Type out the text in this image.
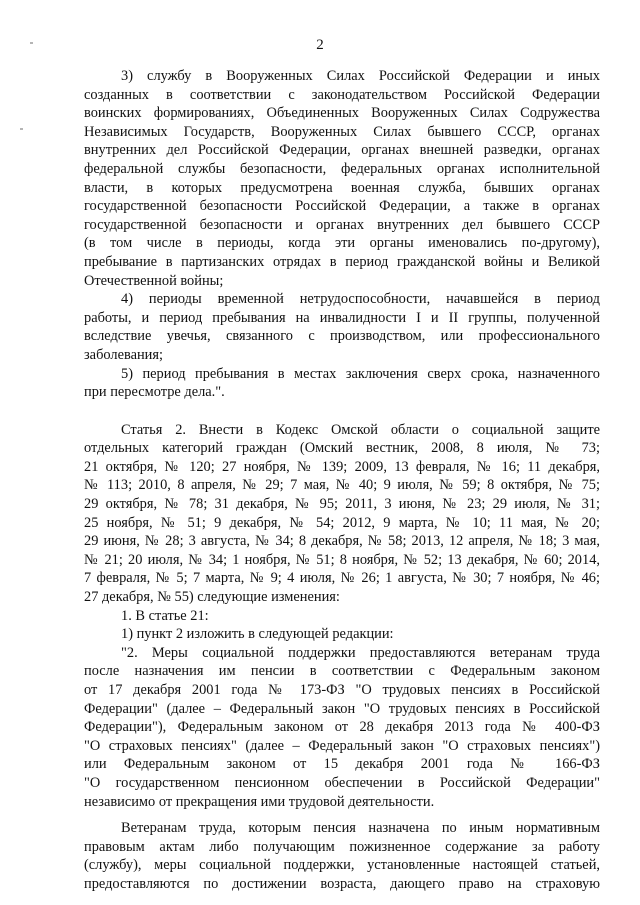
2
3) службу в Вооруженных Силах Российской Федерации и иных
созданных в соответствии с законодательством Российской Федерации
воинских формированиях, Объединенных Вооруженных Силах Содружества
Независимых Государств, Вооруженных Силах бывшего СССР, органах
внутренних дел Российской Федерации, органах внешней разведки, органах
федеральной службы безопасности, федеральных органах исполнительной
власти, в которых предусмотрена военная служба, бывших органах
государственной безопасности Российской Федерации, а также в органах
государственной безопасности и органах внутренних дел бывшего СССР
(в том числе в периоды, когда эти органы именовались по-другому),
пребывание в партизанских отрядах в период гражданской войны и Великой
Отечественной войны;
4) периоды временной нетрудоспособности, начавшейся в период
работы, и период пребывания на инвалидности I и II группы, полученной
вследствие увечья, связанного с производством, или профессионального
заболевания;
5) период пребывания в местах заключения сверх срока, назначенного
при пересмотре дела.".
Статья 2. Внести в Кодекс Омской области о социальной защите
отдельных категорий граждан (Омский вестник, 2008, 8 июля, № 73;
21 октября, № 120; 27 ноября, № 139; 2009, 13 февраля, № 16; 11 декабря,
№ 113; 2010, 8 апреля, № 29; 7 мая, № 40; 9 июля, № 59; 8 октября, № 75;
29 октября, № 78; 31 декабря, № 95; 2011, 3 июня, № 23; 29 июля, № 31;
25 ноября, № 51; 9 декабря, № 54; 2012, 9 марта, № 10; 11 мая, № 20;
29 июня, № 28; 3 августа, № 34; 8 декабря, № 58; 2013, 12 апреля, № 18; 3 мая,
№ 21; 20 июля, № 34; 1 ноября, № 51; 8 ноября, № 52; 13 декабря, № 60; 2014,
7 февраля, № 5; 7 марта, № 9; 4 июля, № 26; 1 августа, № 30; 7 ноября, № 46;
27 декабря, № 55) следующие изменения:
1. В статье 21:
1) пункт 2 изложить в следующей редакции:
"2. Меры социальной поддержки предоставляются ветеранам труда
после назначения им пенсии в соответствии с Федеральным законом
от 17 декабря 2001 года № 173-ФЗ "О трудовых пенсиях в Российской
Федерации" (далее – Федеральный закон "О трудовых пенсиях в Российской
Федерации"), Федеральным законом от 28 декабря 2013 года № 400-ФЗ
"О страховых пенсиях" (далее – Федеральный закон "О страховых пенсиях")
или Федеральным законом от 15 декабря 2001 года № 166-ФЗ
"О государственном пенсионном обеспечении в Российской Федерации"
независимо от прекращения ими трудовой деятельности.
Ветеранам труда, которым пенсия назначена по иным нормативным
правовым актам либо получающим пожизненное содержание за работу
(службу), меры социальной поддержки, установленные настоящей статьей,
предоставляются по достижении возраста, дающего право на страховую
